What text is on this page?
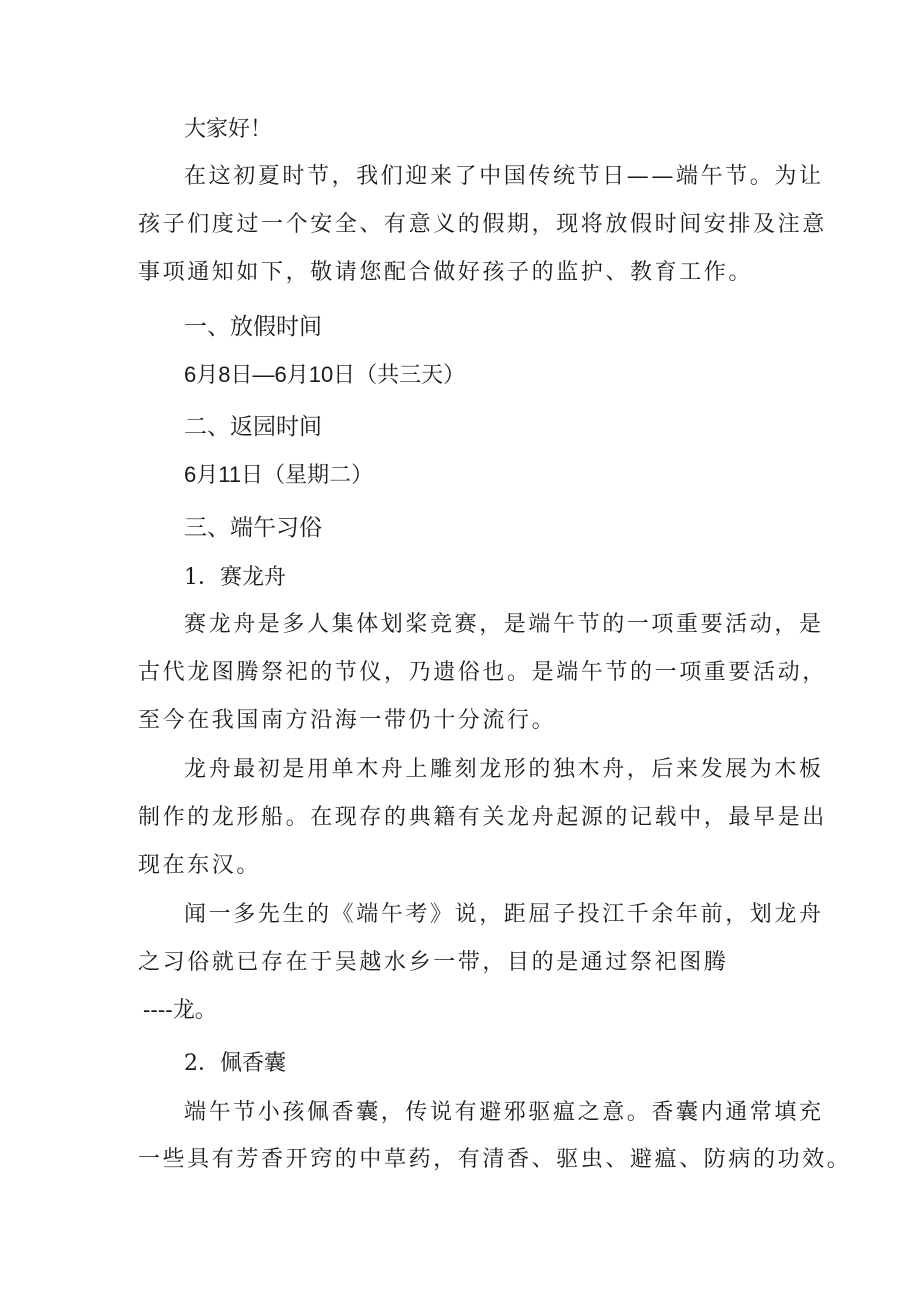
大家好！
在这初夏时节，我们迎来了中国传统节日——端午节。为让
孩子们度过一个安全、有意义的假期，现将放假时间安排及注意
事项通知如下，敬请您配合做好孩子的监护、教育工作。
一、放假时间
6月8日—6月10日（共三天）
二、返园时间
6月11日（星期二）
三、端午习俗
1．赛龙舟
赛龙舟是多人集体划桨竞赛，是端午节的一项重要活动，是
古代龙图腾祭祀的节仪，乃遗俗也。是端午节的一项重要活动，
至今在我国南方沿海一带仍十分流行。
龙舟最初是用单木舟上雕刻龙形的独木舟，后来发展为木板
制作的龙形船。在现存的典籍有关龙舟起源的记载中，最早是出
现在东汉。
闻一多先生的《端午考》说，距屈子投江千余年前，划龙舟
之习俗就已存在于吴越水乡一带，目的是通过祭祀图腾
----龙。
2．佩香囊
端午节小孩佩香囊，传说有避邪驱瘟之意。香囊内通常填充
一些具有芳香开窍的中草药，有清香、驱虫、避瘟、防病的功效。
